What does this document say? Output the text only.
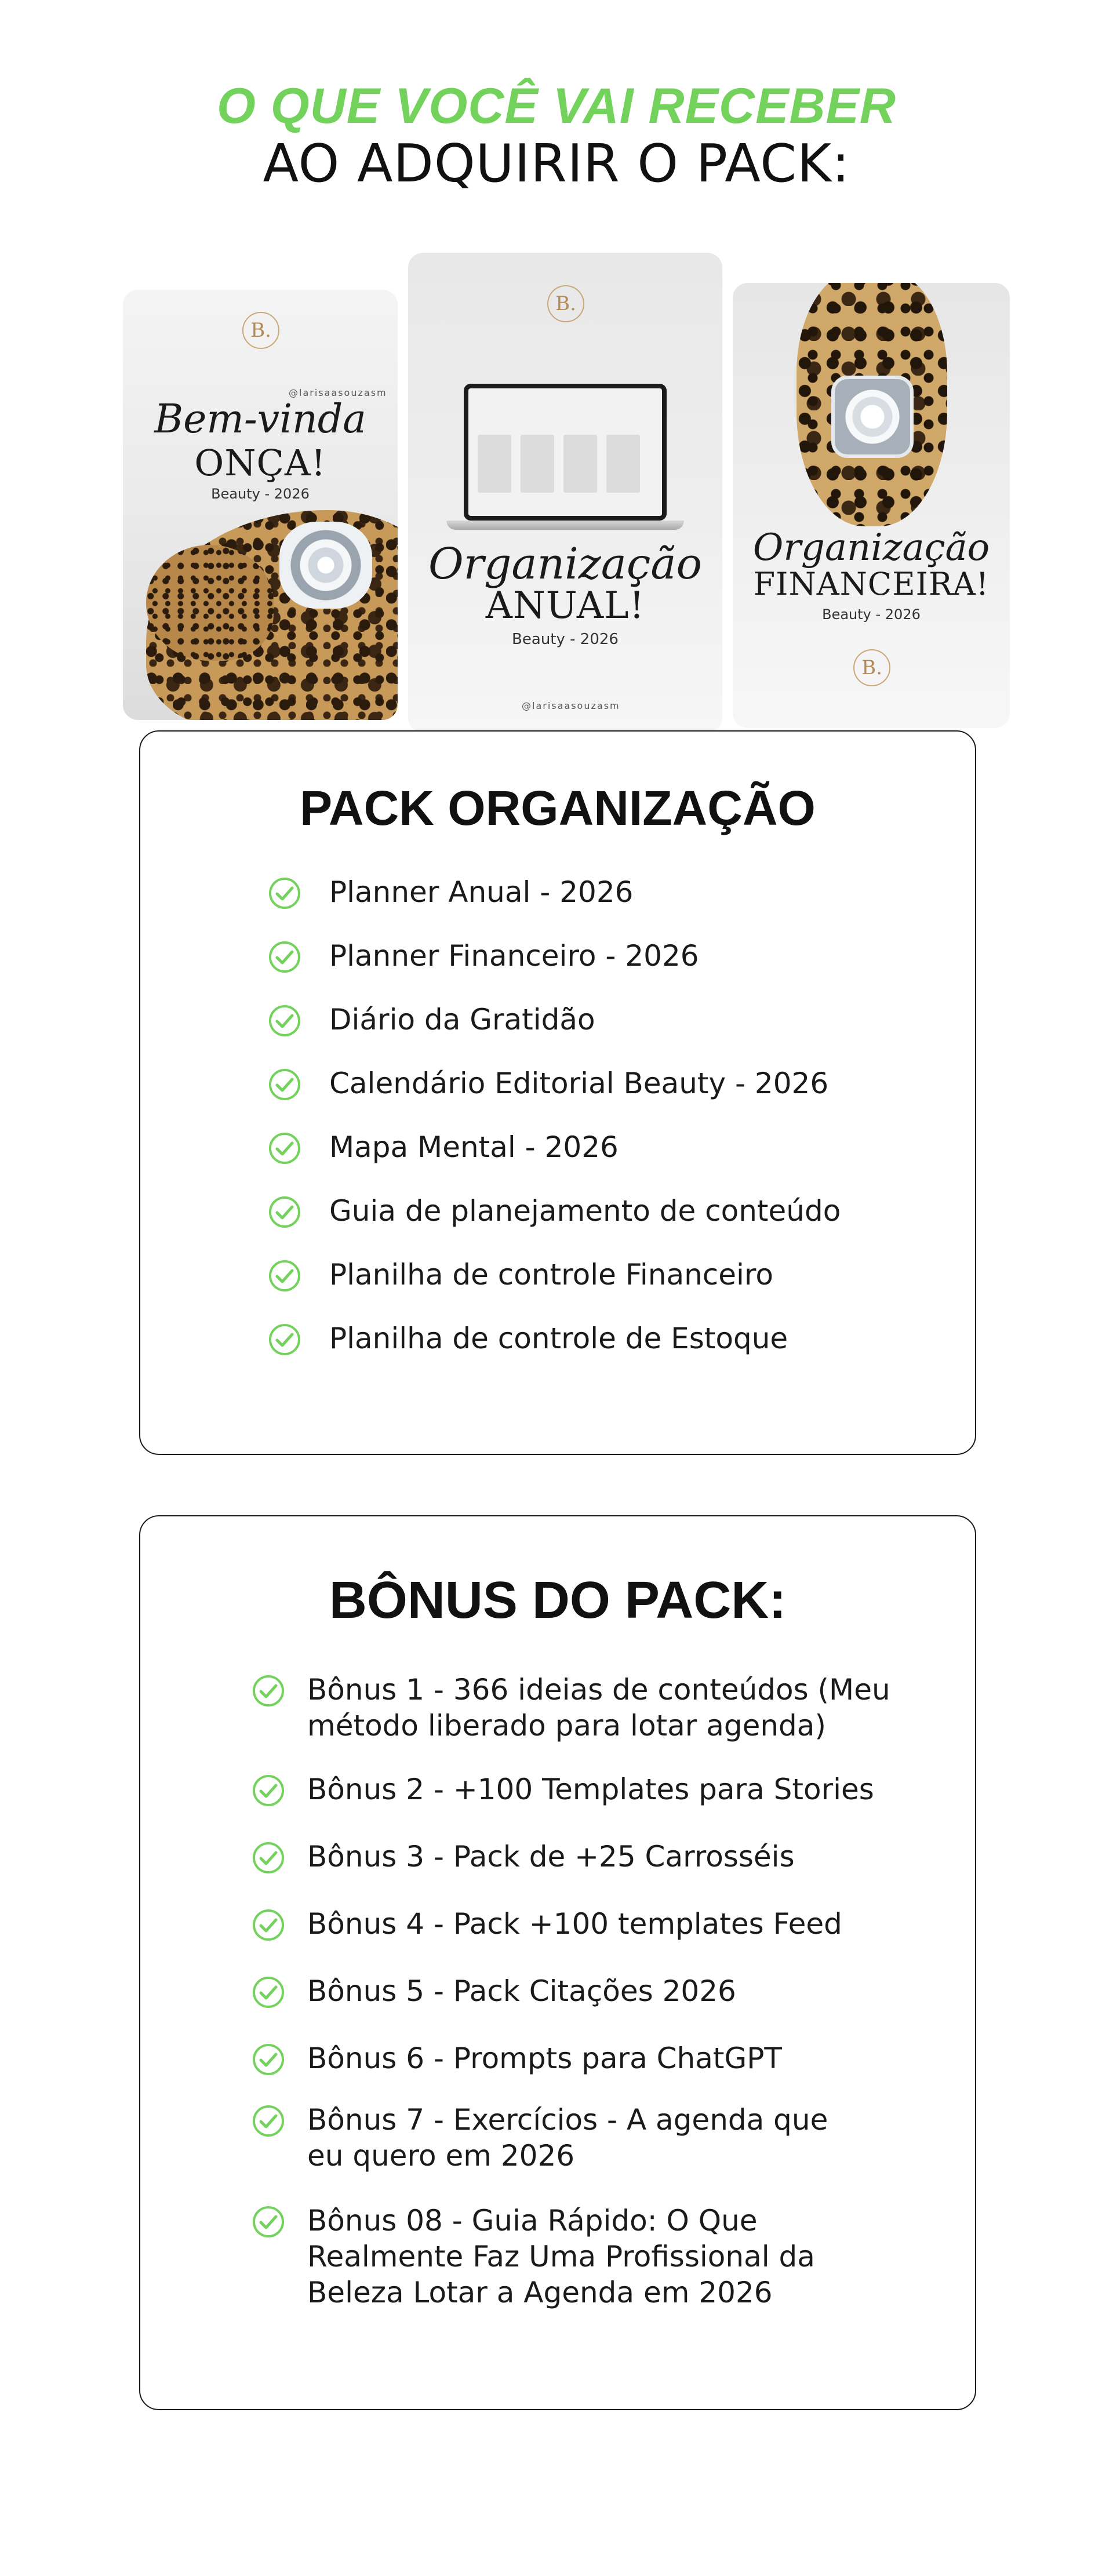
O QUE VOCÊ VAI RECEBER
AO ADQUIRIR O PACK:
B.
@larisaasouzasm
Bem-vinda
ONÇA!
Beauty - 2026
B.
Organização
ANUAL!
Beauty - 2026
@larisaasouzasm
Organização
FINANCEIRA!
Beauty - 2026
B.
PACK ORGANIZAÇÃO
Planner Anual - 2026
Planner Financeiro - 2026
Diário da Gratidão
Calendário Editorial Beauty - 2026
Mapa Mental - 2026
Guia de planejamento de conteúdo
Planilha de controle Financeiro
Planilha de controle de Estoque
BÔNUS DO PACK:
Bônus 1 - 366 ideias de conteúdos (Meu
método liberado para lotar agenda)
Bônus 2 - +100 Templates para Stories
Bônus 3 - Pack de +25 Carrosséis
Bônus 4 - Pack +100 templates Feed
Bônus 5 - Pack Citações 2026
Bônus 6 - Prompts para ChatGPT
Bônus 7 - Exercícios - A agenda que
eu quero em 2026
Bônus 08 - Guia Rápido: O Que
Realmente Faz Uma Profissional da
Beleza Lotar a Agenda em 2026
